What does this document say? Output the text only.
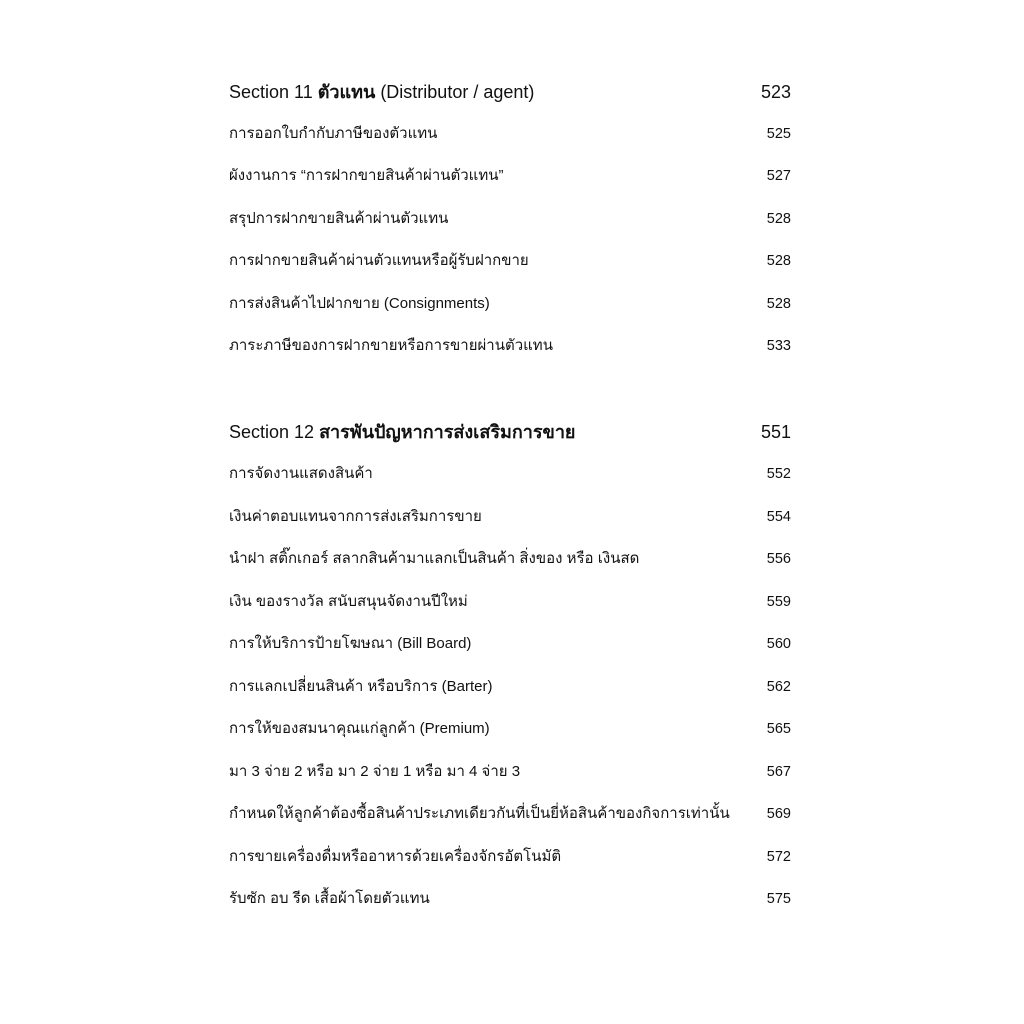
Section 11 ตัวแทน (Distributor / agent)	523
การออกใบกำกับภาษีของตัวแทน	525
ผังงานการ “การฝากขายสินค้าผ่านตัวแทน”	527
สรุปการฝากขายสินค้าผ่านตัวแทน	528
การฝากขายสินค้าผ่านตัวแทนหรือผู้รับฝากขาย	528
การส่งสินค้าไปฝากขาย (Consignments)	528
ภาระภาษีของการฝากขายหรือการขายผ่านตัวแทน	533
Section 12 สารพันปัญหาการส่งเสริมการขาย	551
การจัดงานแสดงสินค้า	552
เงินค่าตอบแทนจากการส่งเสริมการขาย	554
นำฝา สติ๊กเกอร์ สลากสินค้ามาแลกเป็นสินค้า สิ่งของ หรือ เงินสด	556
เงิน ของรางวัล สนับสนุนจัดงานปีใหม่	559
การให้บริการป้ายโฆษณา (Bill Board)	560
การแลกเปลี่ยนสินค้า หรือบริการ (Barter)	562
การให้ของสมนาคุณแก่ลูกค้า (Premium)	565
มา 3 จ่าย 2 หรือ มา 2 จ่าย 1 หรือ มา 4 จ่าย 3	567
กำหนดให้ลูกค้าต้องซื้อสินค้าประเภทเดียวกันที่เป็นยี่ห้อสินค้าของกิจการเท่านั้น	569
การขายเครื่องดื่มหรืออาหารด้วยเครื่องจักรอัตโนมัติ	572
รับซัก อบ รีด เสื้อผ้าโดยตัวแทน	575
